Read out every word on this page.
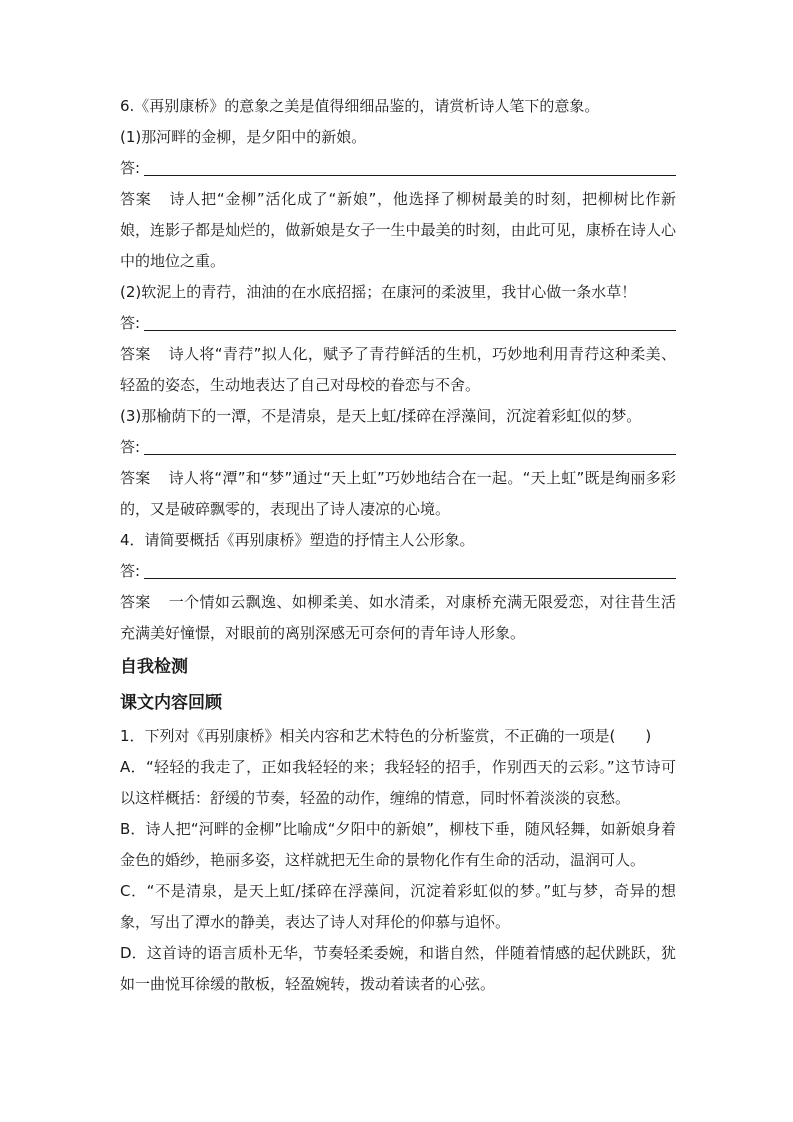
6.《再别康桥》的意象之美是值得细细品鉴的，请赏析诗人笔下的意象。
(1)那河畔的金柳，是夕阳中的新娘。
答:
答案 诗人把“金柳”活化成了“新娘”，他选择了柳树最美的时刻，把柳树比作新娘，连影子都是灿烂的，做新娘是女子一生中最美的时刻，由此可见，康桥在诗人心中的地位之重。
(2)软泥上的青荇，油油的在水底招摇；在康河的柔波里，我甘心做一条水草！
答:
答案 诗人将“青荇”拟人化，赋予了青荇鲜活的生机，巧妙地利用青荇这种柔美、轻盈的姿态，生动地表达了自己对母校的眷恋与不舍。
(3)那榆荫下的一潭，不是清泉，是天上虹/揉碎在浮藻间，沉淀着彩虹似的梦。
答:
答案 诗人将“潭”和“梦”通过“天上虹”巧妙地结合在一起。“天上虹”既是绚丽多彩的，又是破碎飘零的，表现出了诗人凄凉的心境。
4．请简要概括《再别康桥》塑造的抒情主人公形象。
答:
答案 一个情如云飘逸、如柳柔美、如水清柔，对康桥充满无限爱恋，对往昔生活充满美好憧憬，对眼前的离别深感无可奈何的青年诗人形象。
自我检测
课文内容回顾
1．下列对《再别康桥》相关内容和艺术特色的分析鉴赏，不正确的一项是(　　)
A．“轻轻的我走了，正如我轻轻的来；我轻轻的招手，作别西天的云彩。”这节诗可以这样概括：舒缓的节奏，轻盈的动作，缠绵的情意，同时怀着淡淡的哀愁。
B．诗人把“河畔的金柳”比喻成“夕阳中的新娘”，柳枝下垂，随风轻舞，如新娘身着金色的婚纱，艳丽多姿，这样就把无生命的景物化作有生命的活动，温润可人。
C．“不是清泉，是天上虹/揉碎在浮藻间，沉淀着彩虹似的梦。”虹与梦，奇异的想象，写出了潭水的静美，表达了诗人对拜伦的仰慕与追怀。
D．这首诗的语言质朴无华，节奏轻柔委婉，和谐自然，伴随着情感的起伏跳跃，犹如一曲悦耳徐缓的散板，轻盈婉转，拨动着读者的心弦。
